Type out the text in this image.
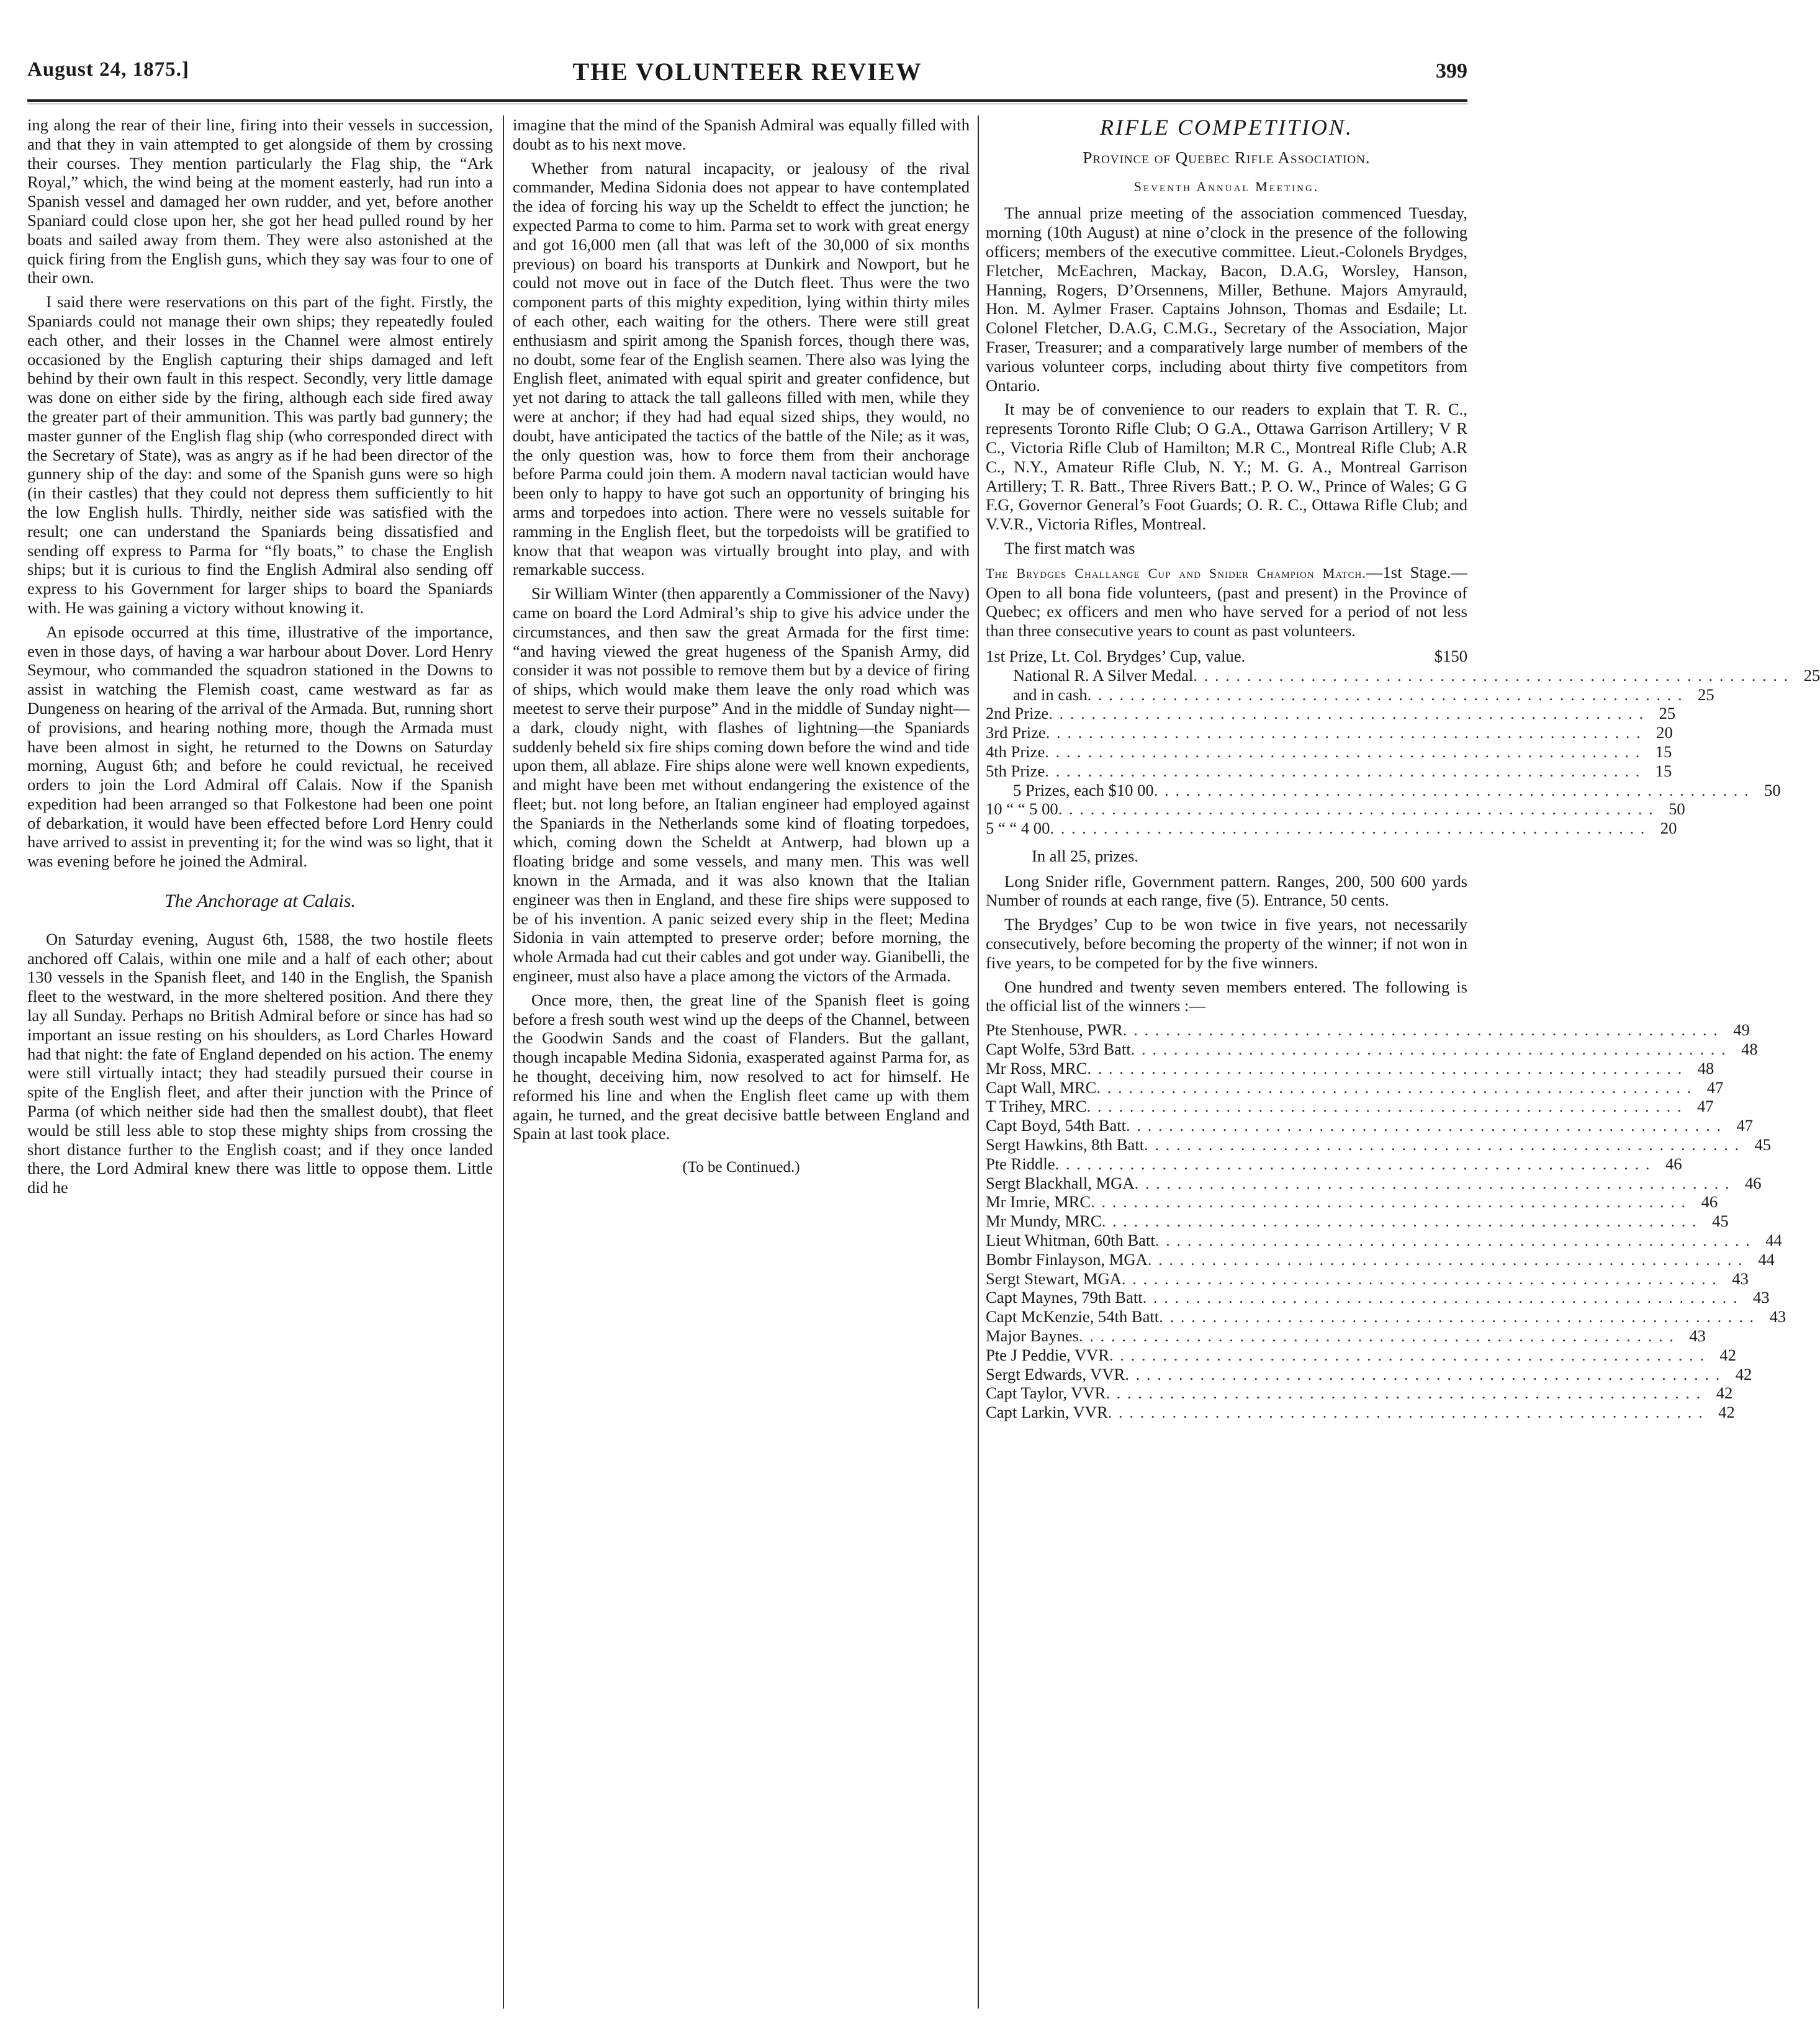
August 24, 1875.]	THE VOLUNTEER REVIEW	399

ing along the rear of their line, firing into their vessels in succession, and that they in vain attempted to get alongside of them by crossing their courses. They mention particularly the Flag ship, the “Ark Royal,” which, the wind being at the moment easterly, had run into a Spanish vessel and damaged her own rudder, and yet, before another Spaniard could close upon her, she got her head pulled round by her boats and sailed away from them. They were also astonished at the quick firing from the English guns, which they say was four to one of their own.

I said there were reservations on this part of the fight. Firstly, the Spaniards could not manage their own ships; they repeatedly fouled each other, and their losses in the Channel were almost entirely occasioned by the English capturing their ships damaged and left behind by their own fault in this respect. Secondly, very little damage was done on either side by the firing, although each side fired away the greater part of their ammunition. This was partly bad gunnery; the master gunner of the English flag ship (who corresponded direct with the Secretary of State), was as angry as if he had been director of the gunnery ship of the day: and some of the Spanish guns were so high (in their castles) that they could not depress them sufficiently to hit the low English hulls. Thirdly, neither side was satisfied with the result; one can understand the Spaniards being dissatisfied and sending off express to Parma for “fly boats,” to chase the English ships; but it is curious to find the English Admiral also sending off express to his Government for larger ships to board the Spaniards with. He was gaining a victory without knowing it.

An episode occurred at this time, illustrative of the importance, even in those days, of having a war harbour about Dover. Lord Henry Seymour, who commanded the squadron stationed in the Downs to assist in watching the Flemish coast, came westward as far as Dungeness on hearing of the arrival of the Armada. But, running short of provisions, and hearing nothing more, though the Armada must have been almost in sight, he returned to the Downs on Saturday morning, August 6th; and before he could revictual, he received orders to join the Lord Admiral off Calais. Now if the Spanish expedition had been arranged so that Folkestone had been one point of debarkation, it would have been effected before Lord Henry could have arrived to assist in preventing it; for the wind was so light, that it was evening before he joined the Admiral.

The Anchorage at Calais.

On Saturday evening, August 6th, 1588, the two hostile fleets anchored off Calais, within one mile and a half of each other; about 130 vessels in the Spanish fleet, and 140 in the English, the Spanish fleet to the westward, in the more sheltered position. And there they lay all Sunday. Perhaps no British Admiral before or since has had so important an issue resting on his shoulders, as Lord Charles Howard had that night: the fate of England depended on his action. The enemy were still virtually intact; they had steadily pursued their course in spite of the English fleet, and after their junction with the Prince of Parma (of which neither side had then the smallest doubt), that fleet would be still less able to stop these mighty ships from crossing the short distance further to the English coast; and if they once landed there, the Lord Admiral knew there was little to oppose them. Little did he

imagine that the mind of the Spanish Admiral was equally filled with doubt as to his next move.

Whether from natural incapacity, or jealousy of the rival commander, Medina Sidonia does not appear to have contemplated the idea of forcing his way up the Scheldt to effect the junction; he expected Parma to come to him. Parma set to work with great energy and got 16,000 men (all that was left of the 30,000 of six months previous) on board his transports at Dunkirk and Nowport, but he could not move out in face of the Dutch fleet. Thus were the two component parts of this mighty expedition, lying within thirty miles of each other, each waiting for the others. There were still great enthusiasm and spirit among the Spanish forces, though there was, no doubt, some fear of the English seamen. There also was lying the English fleet, animated with equal spirit and greater confidence, but yet not daring to attack the tall galleons filled with men, while they were at anchor; if they had had equal sized ships, they would, no doubt, have anticipated the tactics of the battle of the Nile; as it was, the only question was, how to force them from their anchorage before Parma could join them. A modern naval tactician would have been only to happy to have got such an opportunity of bringing his arms and torpedoes into action. There were no vessels suitable for ramming in the English fleet, but the torpedoists will be gratified to know that that weapon was virtually brought into play, and with remarkable success.

Sir William Winter (then apparently a Commissioner of the Navy) came on board the Lord Admiral’s ship to give his advice under the circumstances, and then saw the great Armada for the first time: “and having viewed the great hugeness of the Spanish Army, did consider it was not possible to remove them but by a device of firing of ships, which would make them leave the only road which was meetest to serve their purpose” And in the middle of Sunday night—a dark, cloudy night, with flashes of lightning—the Spaniards suddenly beheld six fire ships coming down before the wind and tide upon them, all ablaze. Fire ships alone were well known expedients, and might have been met without endangering the existence of the fleet; but. not long before, an Italian engineer had employed against the Spaniards in the Netherlands some kind of floating torpedoes, which, coming down the Scheldt at Antwerp, had blown up a floating bridge and some vessels, and many men. This was well known in the Armada, and it was also known that the Italian engineer was then in England, and these fire ships were supposed to be of his invention. A panic seized every ship in the fleet; Medina Sidonia in vain attempted to preserve order; before morning, the whole Armada had cut their cables and got under way. Gianibelli, the engineer, must also have a place among the victors of the Armada.

Once more, then, the great line of the Spanish fleet is going before a fresh south west wind up the deeps of the Channel, between the Goodwin Sands and the coast of Flanders. But the gallant, though incapable Medina Sidonia, exasperated against Parma for, as he thought, deceiving him, now resolved to act for himself. He reformed his line and when the English fleet came up with them again, he turned, and the great decisive battle between England and Spain at last took place.

(To be Continued.)
RIFLE COMPETITION.
Province of Quebec Rifle Association.
Seventh Annual Meeting.

The annual prize meeting of the association commenced Tuesday, morning (10th August) at nine o’clock in the presence of the following officers; members of the executive committee. Lieut.-Colonels Brydges, Fletcher, McEachren, Mackay, Bacon, D.A.G, Worsley, Hanson, Hanning, Rogers, D’Orsennens, Miller, Bethune. Majors Amyrauld, Hon. M. Aylmer Fraser. Captains Johnson, Thomas and Esdaile; Lt. Colonel Fletcher, D.A.G, C.M.G., Secretary of the Association, Major Fraser, Treasurer; and a comparatively large number of members of the various volunteer corps, including about thirty five competitors from Ontario.

It may be of convenience to our readers to explain that T. R. C., represents Toronto Rifle Club; O G.A., Ottawa Garrison Artillery; V R C., Victoria Rifle Club of Hamilton; M.R C., Montreal Rifle Club; A.R C., N.Y., Amateur Rifle Club, N. Y.; M. G. A., Montreal Garrison Artillery; T. R. Batt., Three Rivers Batt.; P. O. W., Prince of Wales; G G F.G, Governor General’s Foot Guards; O. R. C., Ottawa Rifle Club; and V.V.R., Victoria Rifles, Montreal.

The first match was

The Brydges Challange Cup and Snider Champion Match.—1st Stage.—Open to all bona fide volunteers, (past and present) in the Province of Quebec; ex officers and men who have served for a period of not less than three consecutive years to count as past volunteers.

1st Prize, Lt. Col. Brydges’ Cup, value.	$150
National R. A Silver Medal . . . . . . . . . . . . . . . . . . . . . . . . . . . . . . . . . . . . . . . . . . . . . . . . . . . . . . . . 25
and in cash . . . . . . . . . . . . . . . . . . . . . . . . . . . . . . . . . . . . . . . . . . . . . . . . . . . . . . . . 25
2nd Prize . . . . . . . . . . . . . . . . . . . . . . . . . . . . . . . . . . . . . . . . . . . . . . . . . . . . . . . . 25
3rd Prize . . . . . . . . . . . . . . . . . . . . . . . . . . . . . . . . . . . . . . . . . . . . . . . . . . . . . . . . 20
4th Prize . . . . . . . . . . . . . . . . . . . . . . . . . . . . . . . . . . . . . . . . . . . . . . . . . . . . . . . . 15
5th Prize . . . . . . . . . . . . . . . . . . . . . . . . . . . . . . . . . . . . . . . . . . . . . . . . . . . . . . . . 15
5 Prizes, each $10 00 . . . . . . . . . . . . . . . . . . . . . . . . . . . . . . . . . . . . . . . . . . . . . . . . . . . . . . . . 50
10 “ “ 5 00 . . . . . . . . . . . . . . . . . . . . . . . . . . . . . . . . . . . . . . . . . . . . . . . . . . . . . . . . 50
5 “ “ 4 00 . . . . . . . . . . . . . . . . . . . . . . . . . . . . . . . . . . . . . . . . . . . . . . . . . . . . . . . . 20

In all 25, prizes.

Long Snider rifle, Government pattern. Ranges, 200, 500 600 yards Number of rounds at each range, five (5). Entrance, 50 cents.

The Brydges’ Cup to be won twice in five years, not necessarily consecutively, before becoming the property of the winner; if not won in five years, to be competed for by the five winners.

One hundred and twenty seven members entered. The following is the official list of the winners :—

Pte Stenhouse, PWR . . . . . . . . . . . . . . . . . . . . . . . . . . . . . . . . . . . . . . . . . . . . . . . . . . . . . . . . 49
Capt Wolfe, 53rd Batt . . . . . . . . . . . . . . . . . . . . . . . . . . . . . . . . . . . . . . . . . . . . . . . . . . . . . . . . 48
Mr Ross, MRC . . . . . . . . . . . . . . . . . . . . . . . . . . . . . . . . . . . . . . . . . . . . . . . . . . . . . . . . 48
Capt Wall, MRC . . . . . . . . . . . . . . . . . . . . . . . . . . . . . . . . . . . . . . . . . . . . . . . . . . . . . . . . 47
T Trihey, MRC . . . . . . . . . . . . . . . . . . . . . . . . . . . . . . . . . . . . . . . . . . . . . . . . . . . . . . . . 47
Capt Boyd, 54th Batt . . . . . . . . . . . . . . . . . . . . . . . . . . . . . . . . . . . . . . . . . . . . . . . . . . . . . . . . 47
Sergt Hawkins, 8th Batt . . . . . . . . . . . . . . . . . . . . . . . . . . . . . . . . . . . . . . . . . . . . . . . . . . . . . . . . 45
Pte Riddle . . . . . . . . . . . . . . . . . . . . . . . . . . . . . . . . . . . . . . . . . . . . . . . . . . . . . . . . 46
Sergt Blackhall, MGA . . . . . . . . . . . . . . . . . . . . . . . . . . . . . . . . . . . . . . . . . . . . . . . . . . . . . . . . 46
Mr Imrie, MRC . . . . . . . . . . . . . . . . . . . . . . . . . . . . . . . . . . . . . . . . . . . . . . . . . . . . . . . . 46
Mr Mundy, MRC . . . . . . . . . . . . . . . . . . . . . . . . . . . . . . . . . . . . . . . . . . . . . . . . . . . . . . . . 45
Lieut Whitman, 60th Batt . . . . . . . . . . . . . . . . . . . . . . . . . . . . . . . . . . . . . . . . . . . . . . . . . . . . . . . . 44
Bombr Finlayson, MGA . . . . . . . . . . . . . . . . . . . . . . . . . . . . . . . . . . . . . . . . . . . . . . . . . . . . . . . . 44
Sergt Stewart, MGA . . . . . . . . . . . . . . . . . . . . . . . . . . . . . . . . . . . . . . . . . . . . . . . . . . . . . . . . 43
Capt Maynes, 79th Batt . . . . . . . . . . . . . . . . . . . . . . . . . . . . . . . . . . . . . . . . . . . . . . . . . . . . . . . . 43
Capt McKenzie, 54th Batt . . . . . . . . . . . . . . . . . . . . . . . . . . . . . . . . . . . . . . . . . . . . . . . . . . . . . . . . 43
Major Baynes . . . . . . . . . . . . . . . . . . . . . . . . . . . . . . . . . . . . . . . . . . . . . . . . . . . . . . . . 43
Pte J Peddie, VVR . . . . . . . . . . . . . . . . . . . . . . . . . . . . . . . . . . . . . . . . . . . . . . . . . . . . . . . . 42
Sergt Edwards, VVR . . . . . . . . . . . . . . . . . . . . . . . . . . . . . . . . . . . . . . . . . . . . . . . . . . . . . . . . 42
Capt Taylor, VVR . . . . . . . . . . . . . . . . . . . . . . . . . . . . . . . . . . . . . . . . . . . . . . . . . . . . . . . . 42
Capt Larkin, VVR . . . . . . . . . . . . . . . . . . . . . . . . . . . . . . . . . . . . . . . . . . . . . . . . . . . . . . . . 42
